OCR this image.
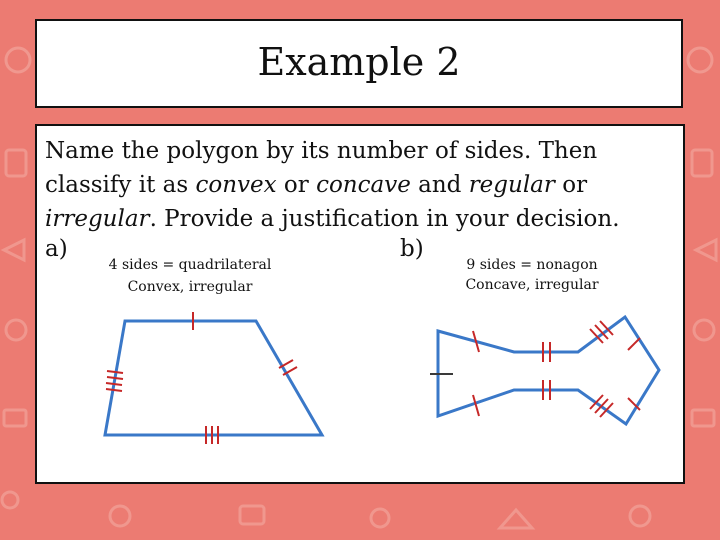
Example 2
Name the polygon by its number of sides. Then classify it as convex or concave and regular or irregular. Provide a justification in your decision.
a)
4 sides = quadrilateral
Convex, irregular
b)
9 sides = nonagon
Concave, irregular
